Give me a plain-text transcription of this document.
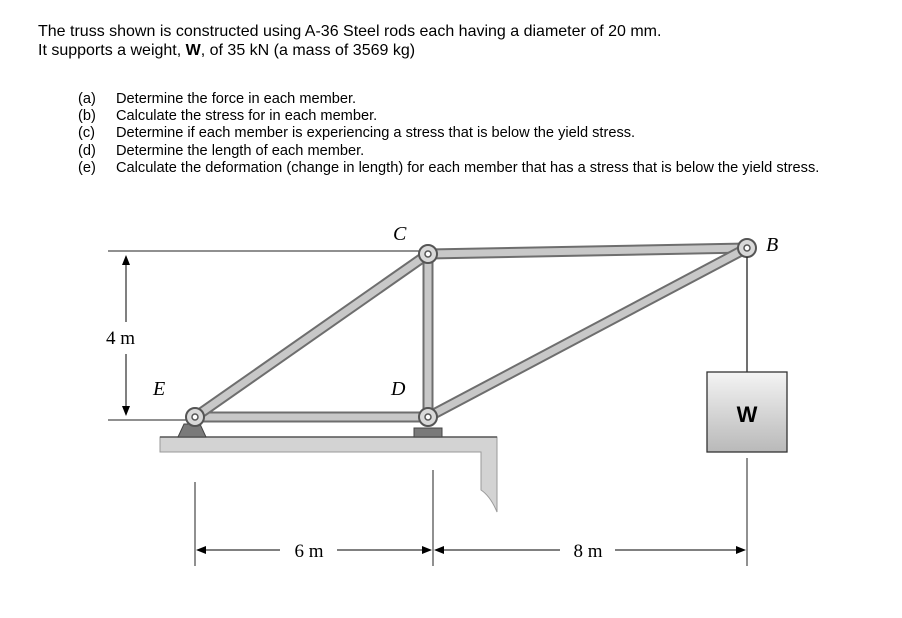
The truss shown is constructed using A-36 Steel rods each having a diameter of 20 mm.
It supports a weight, W, of 35 kN (a mass of 3569 kg)
(a)	Determine the force in each member.
(b)	Calculate the stress for in each member.
(c)	Determine if each member is experiencing a stress that is below the yield stress.
(d)	Determine the length of each member.
(e)	Calculate the deformation (change in length) for each member that has a stress that is below the yield stress.
4 m
C	B
E	D
W
6 m	8 m
